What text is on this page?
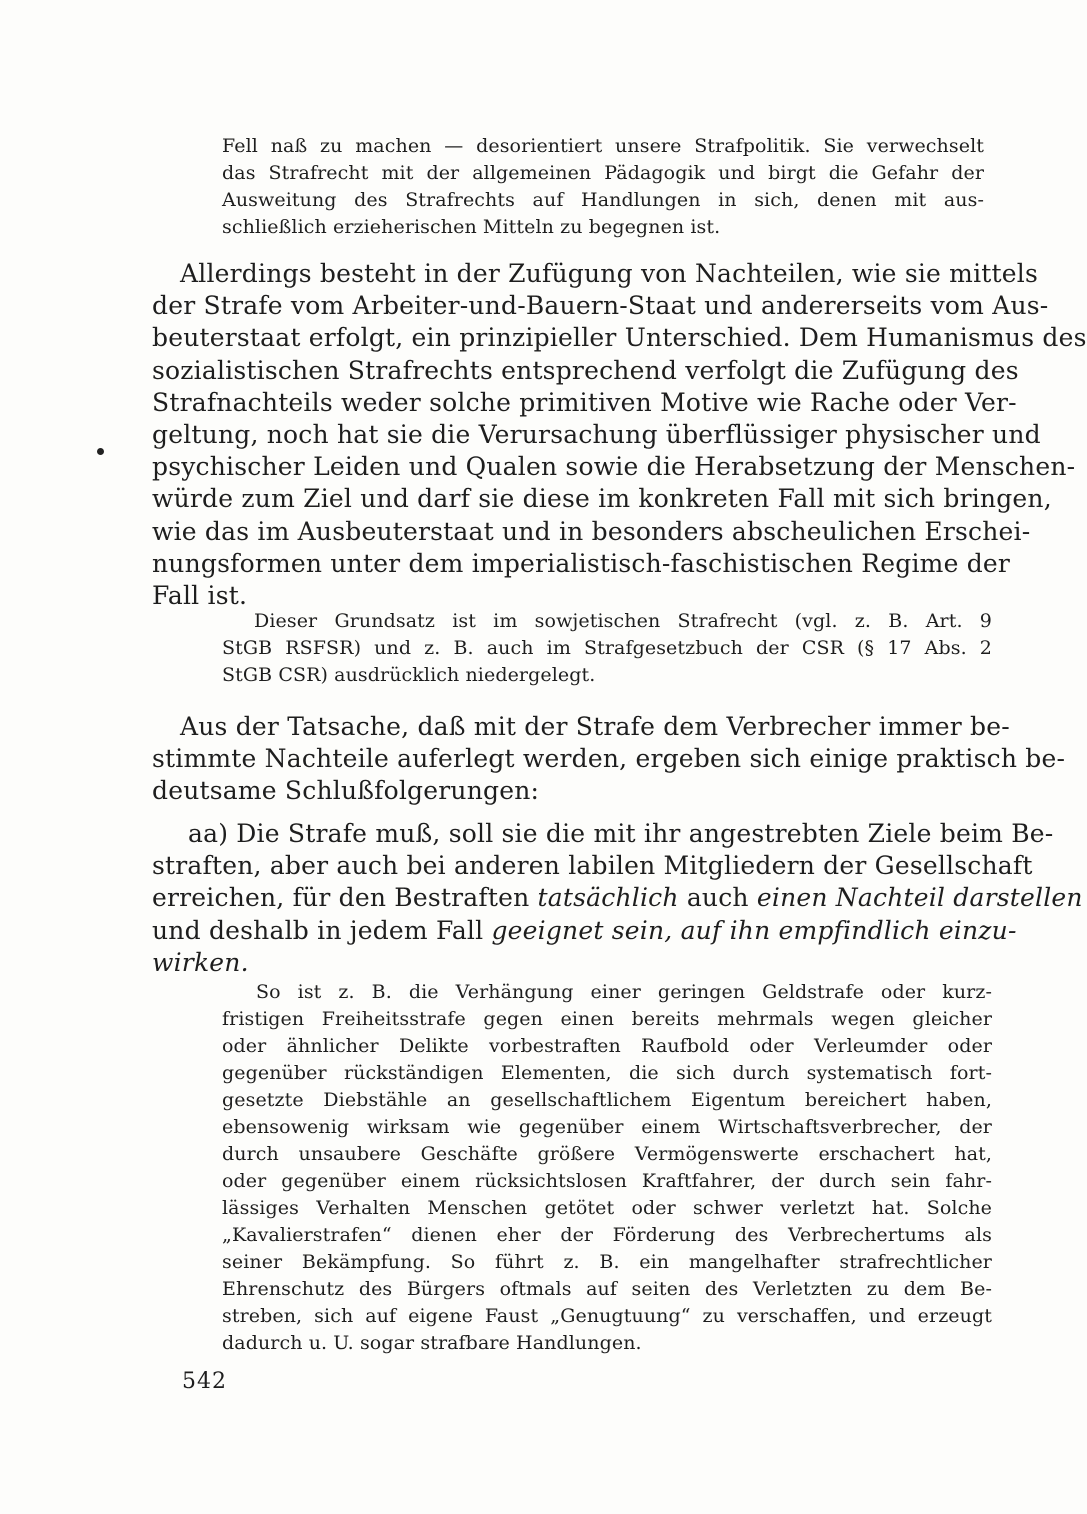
Fell naß zu machen — desorientiert unsere Strafpolitik. Sie verwechselt
das Strafrecht mit der allgemeinen Pädagogik und birgt die Gefahr der
Ausweitung des Strafrechts auf Handlungen in sich, denen mit aus-
schließlich erzieherischen Mitteln zu begegnen ist.
Allerdings besteht in der Zufügung von Nachteilen, wie sie mittels
der Strafe vom Arbeiter-und-Bauern-Staat und andererseits vom Aus-
beuterstaat erfolgt, ein prinzipieller Unterschied. Dem Humanismus des
sozialistischen Strafrechts entsprechend verfolgt die Zufügung des
Strafnachteils weder solche primitiven Motive wie Rache oder Ver-
geltung, noch hat sie die Verursachung überflüssiger physischer und
psychischer Leiden und Qualen sowie die Herabsetzung der Menschen-
würde zum Ziel und darf sie diese im konkreten Fall mit sich bringen,
wie das im Ausbeuterstaat und in besonders abscheulichen Erschei-
nungsformen unter dem imperialistisch-faschistischen Regime der
Fall ist.
Dieser Grundsatz ist im sowjetischen Strafrecht (vgl. z. B. Art. 9
StGB RSFSR) und z. B. auch im Strafgesetzbuch der CSR (§ 17 Abs. 2
StGB CSR) ausdrücklich niedergelegt.
Aus der Tatsache, daß mit der Strafe dem Verbrecher immer be-
stimmte Nachteile auferlegt werden, ergeben sich einige praktisch be-
deutsame Schlußfolgerungen:
aa) Die Strafe muß, soll sie die mit ihr angestrebten Ziele beim Be-
straften, aber auch bei anderen labilen Mitgliedern der Gesellschaft
erreichen, für den Bestraften tatsächlich auch einen Nachteil darstellen
und deshalb in jedem Fall geeignet sein, auf ihn empfindlich einzu-
wirken.
So ist z. B. die Verhängung einer geringen Geldstrafe oder kurz-
fristigen Freiheitsstrafe gegen einen bereits mehrmals wegen gleicher
oder ähnlicher Delikte vorbestraften Raufbold oder Verleumder oder
gegenüber rückständigen Elementen, die sich durch systematisch fort-
gesetzte Diebstähle an gesellschaftlichem Eigentum bereichert haben,
ebensowenig wirksam wie gegenüber einem Wirtschaftsverbrecher, der
durch unsaubere Geschäfte größere Vermögenswerte erschachert hat,
oder gegenüber einem rücksichtslosen Kraftfahrer, der durch sein fahr-
lässiges Verhalten Menschen getötet oder schwer verletzt hat. Solche
„Kavalierstrafen“ dienen eher der Förderung des Verbrechertums als
seiner Bekämpfung. So führt z. B. ein mangelhafter strafrechtlicher
Ehrenschutz des Bürgers oftmals auf seiten des Verletzten zu dem Be-
streben, sich auf eigene Faust „Genugtuung“ zu verschaffen, und erzeugt
dadurch u. U. sogar strafbare Handlungen.
542
